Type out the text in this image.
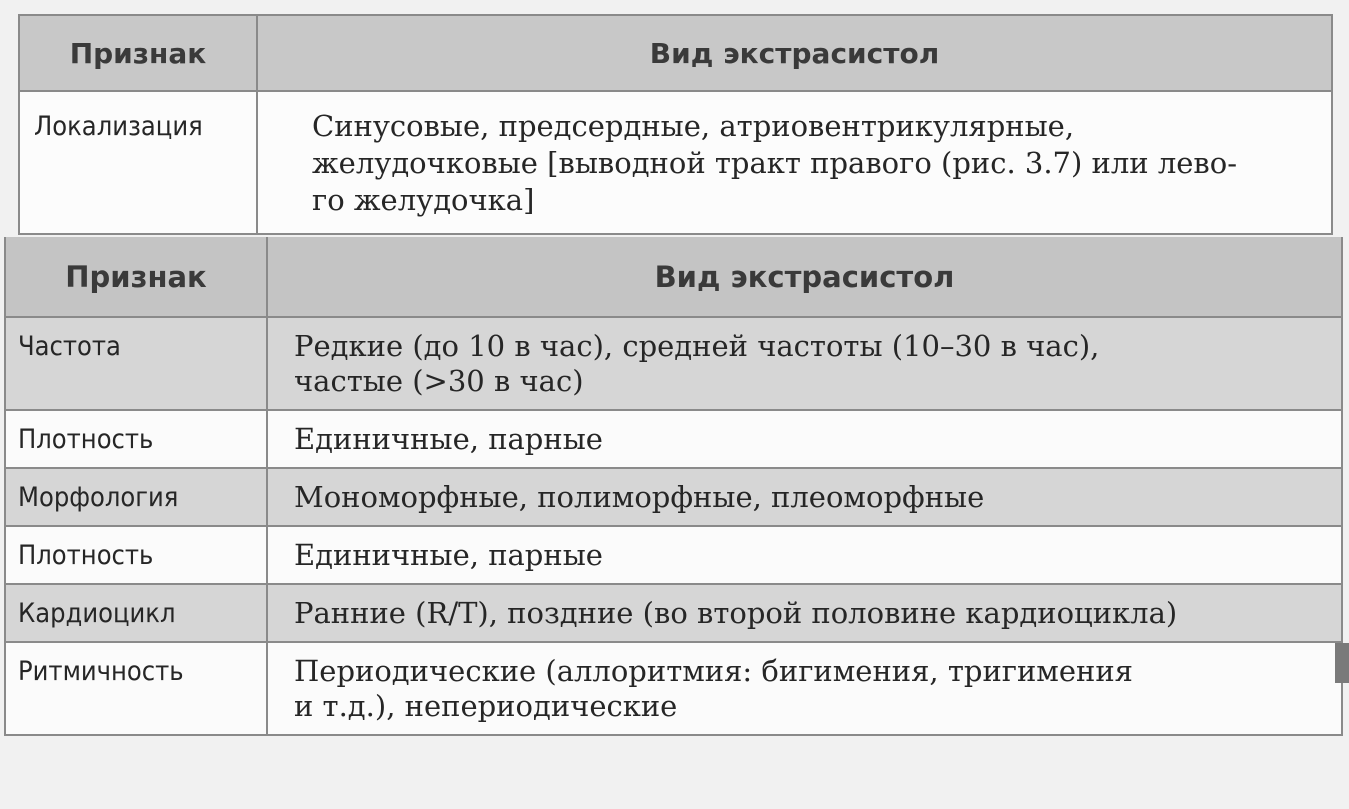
Признак	Вид экстрасистол
Локализация	Синусовые, предсердные, атриовентрикулярные,
желудочковые [выводной тракт правого (рис. 3.7) или лево-
го желудочка]
Признак	Вид экстрасистол
Частота	Редкие (до 10 в час), средней частоты (10–30 в час),
частые (>30 в час)

Плотность	Единичные, парные

Морфология	Мономорфные, полиморфные, плеоморфные

Плотность	Единичные, парные

Кардиоцикл	Ранние (R/T), поздние (во второй половине кардиоцикла)

Ритмичность	Периодические (аллоритмия: бигимения, тригимения
и т.д.), непериодические
